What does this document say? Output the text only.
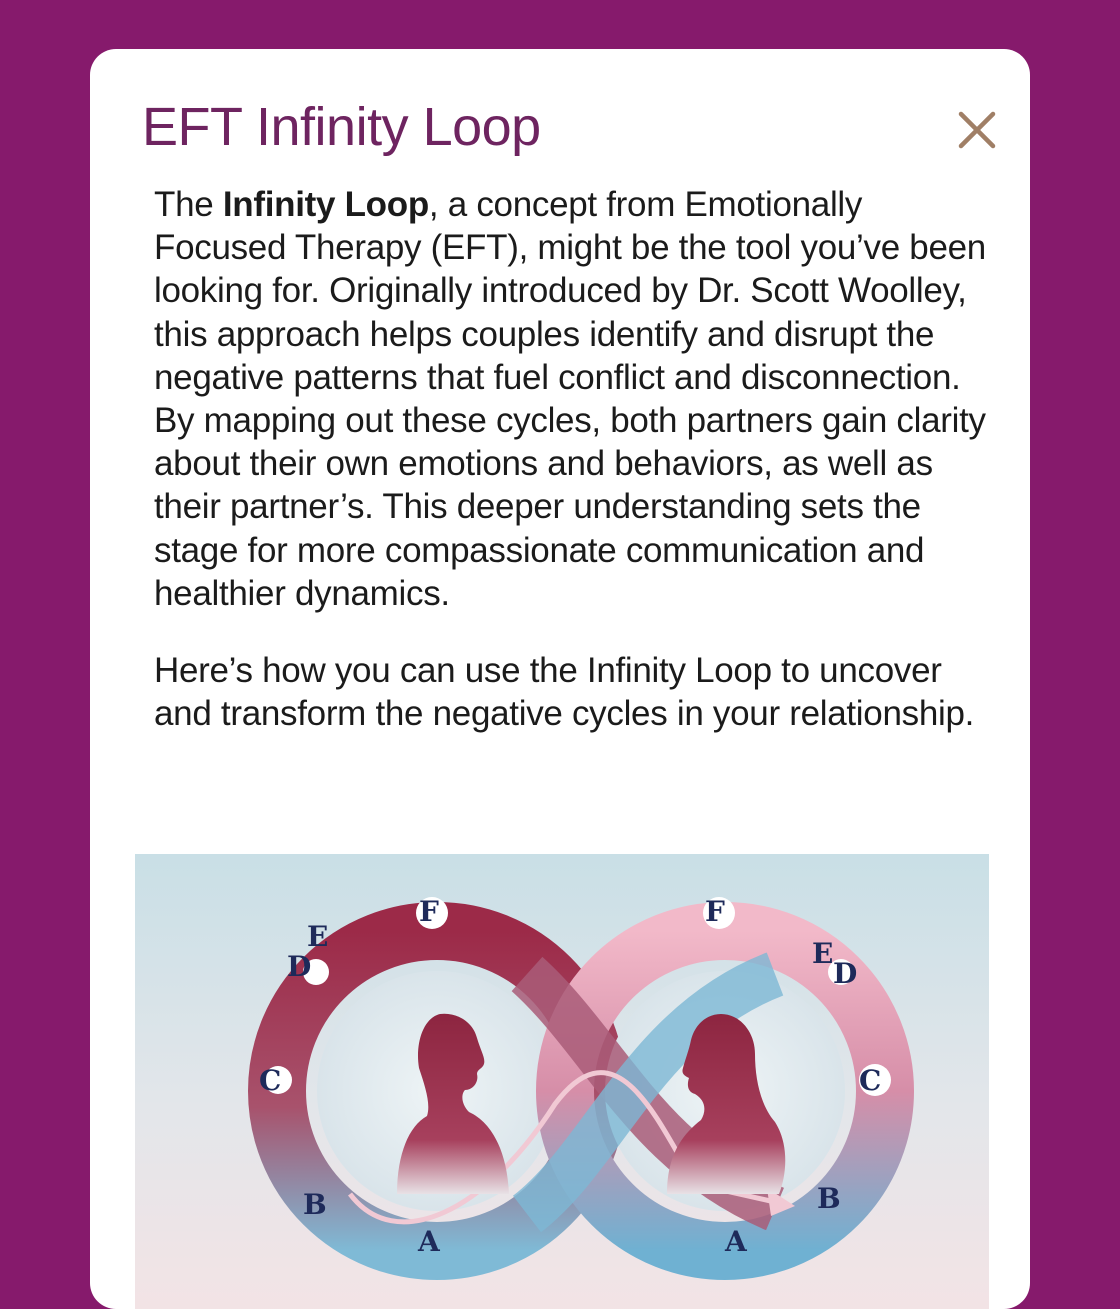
EFT Infinity Loop

The Infinity Loop, a concept from Emotionally Focused Therapy (EFT), might be the tool you’ve been looking for. Originally introduced by Dr. Scott Woolley, this approach helps couples identify and disrupt the negative patterns that fuel conflict and disconnection. By mapping out these cycles, both partners gain clarity about their own emotions and behaviors, as well as their partner’s. This deeper understanding sets the stage for more compassionate communication and healthier dynamics.

Here’s how you can use the Infinity Loop to uncover and transform the negative cycles in your relationship.

F
E
D
C
B
A
F
E
D
C
B
A
